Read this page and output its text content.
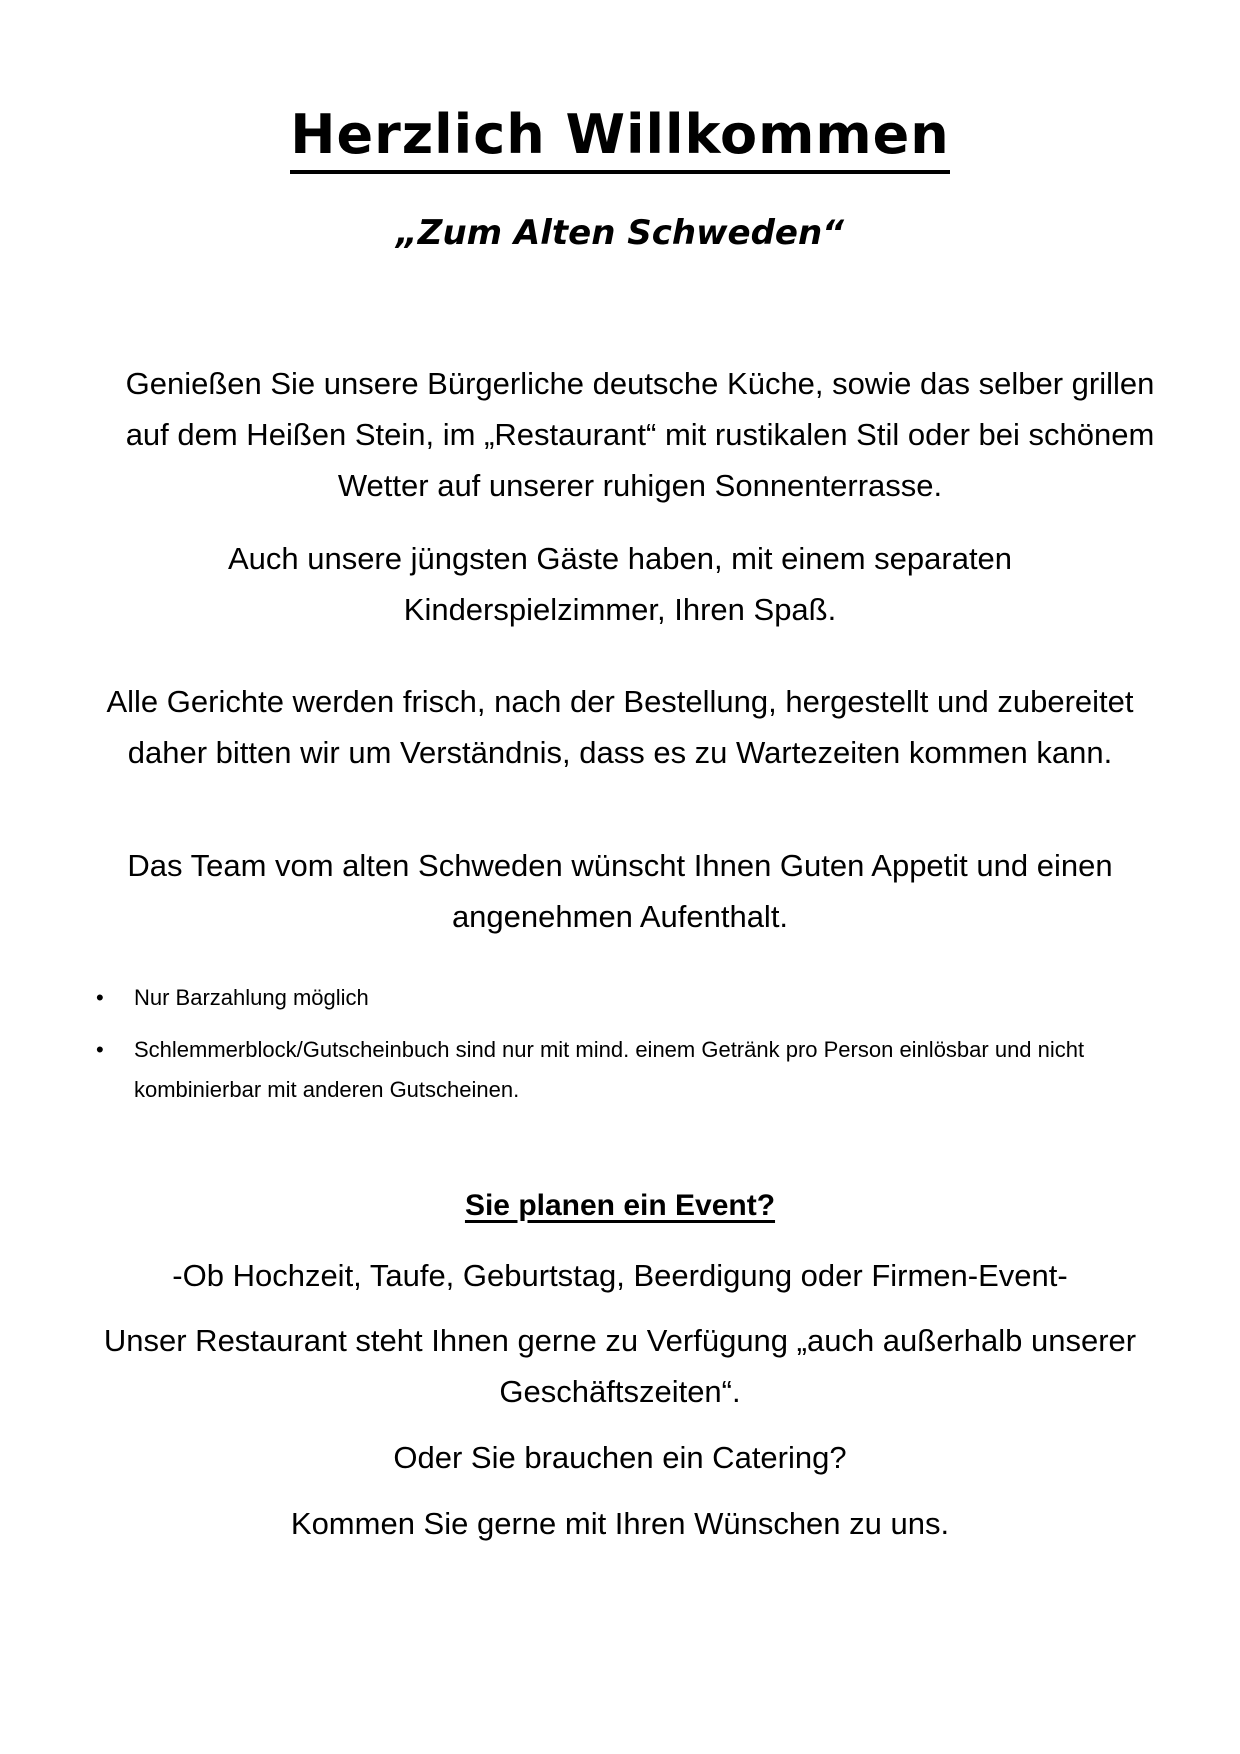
Herzlich Willkommen
„Zum Alten Schweden“

Genießen Sie unsere Bürgerliche deutsche Küche, sowie das selber grillen auf dem Heißen Stein, im „Restaurant“ mit rustikalen Stil oder bei schönem Wetter auf unserer ruhigen Sonnenterrasse.

Auch unsere jüngsten Gäste haben, mit einem separaten Kinderspielzimmer, Ihren Spaß.

Alle Gerichte werden frisch, nach der Bestellung, hergestellt und zubereitet daher bitten wir um Verständnis, dass es zu Wartezeiten kommen kann.

Das Team vom alten Schweden wünscht Ihnen Guten Appetit und einen angenehmen Aufenthalt.

• Nur Barzahlung möglich
• Schlemmerblock/Gutscheinbuch sind nur mit mind. einem Getränk pro Person einlösbar und nicht kombinierbar mit anderen Gutscheinen.
Sie planen ein Event?

-Ob Hochzeit, Taufe, Geburtstag, Beerdigung oder Firmen-Event-

Unser Restaurant steht Ihnen gerne zu Verfügung „auch außerhalb unserer Geschäftszeiten“.

Oder Sie brauchen ein Catering?

Kommen Sie gerne mit Ihren Wünschen zu uns.
